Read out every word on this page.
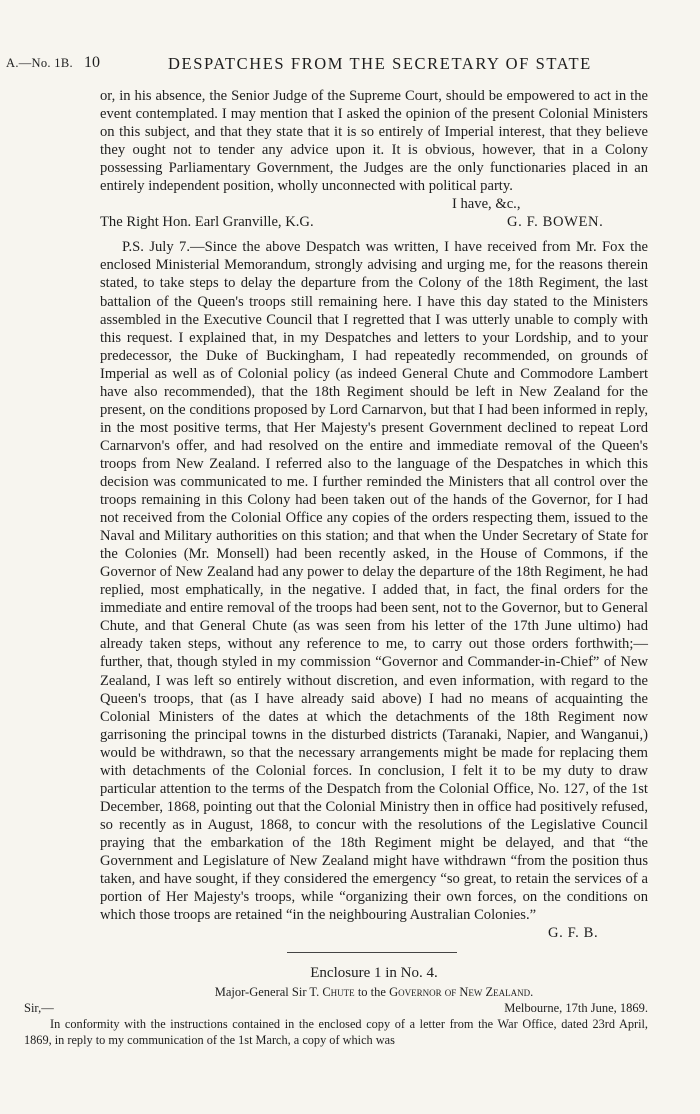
A.—No. 1B. 10	DESPATCHES FROM THE SECRETARY OF STATE

or, in his absence, the Senior Judge of the Supreme Court, should be empowered to act in the event contemplated. I may mention that I asked the opinion of the present Colonial Ministers on this subject, and that they state that it is so entirely of Imperial interest, that they believe they ought not to tender any advice upon it. It is obvious, however, that in a Colony possessing Parliamentary Government, the Judges are the only functionaries placed in an entirely independent position, wholly unconnected with political party.

I have, &c.,
The Right Hon. Earl Granville, K.G.	G. F. BOWEN.

P.S. July 7.—Since the above Despatch was written, I have received from Mr. Fox the enclosed Ministerial Memorandum, strongly advising and urging me, for the reasons therein stated, to take steps to delay the departure from the Colony of the 18th Regiment, the last battalion of the Queen's troops still remaining here. I have this day stated to the Ministers assembled in the Executive Council that I regretted that I was utterly unable to comply with this request. I explained that, in my Despatches and letters to your Lordship, and to your predecessor, the Duke of Buckingham, I had repeatedly recommended, on grounds of Imperial as well as of Colonial policy (as indeed General Chute and Commodore Lambert have also recommended), that the 18th Regiment should be left in New Zealand for the present, on the conditions proposed by Lord Carnarvon, but that I had been informed in reply, in the most positive terms, that Her Majesty's present Government declined to repeat Lord Carnarvon's offer, and had resolved on the entire and immediate removal of the Queen's troops from New Zealand. I referred also to the language of the Despatches in which this decision was communicated to me. I further reminded the Ministers that all control over the troops remaining in this Colony had been taken out of the hands of the Governor, for I had not received from the Colonial Office any copies of the orders respecting them, issued to the Naval and Military authorities on this station; and that when the Under Secretary of State for the Colonies (Mr. Monsell) had been recently asked, in the House of Commons, if the Governor of New Zealand had any power to delay the departure of the 18th Regiment, he had replied, most emphatically, in the negative. I added that, in fact, the final orders for the immediate and entire removal of the troops had been sent, not to the Governor, but to General Chute, and that General Chute (as was seen from his letter of the 17th June ultimo) had already taken steps, without any reference to me, to carry out those orders forthwith;—further, that, though styled in my commission “Governor and Commander-in-Chief” of New Zealand, I was left so entirely without discretion, and even information, with regard to the Queen's troops, that (as I have already said above) I had no means of acquainting the Colonial Ministers of the dates at which the detachments of the 18th Regiment now garrisoning the principal towns in the disturbed districts (Taranaki, Napier, and Wanganui,) would be withdrawn, so that the necessary arrangements might be made for replacing them with detachments of the Colonial forces. In conclusion, I felt it to be my duty to draw particular attention to the terms of the Despatch from the Colonial Office, No. 127, of the 1st December, 1868, pointing out that the Colonial Ministry then in office had positively refused, so recently as in August, 1868, to concur with the resolutions of the Legislative Council praying that the embarkation of the 18th Regiment might be delayed, and that “the Government and Legislature of New Zealand might have withdrawn “from the position thus taken, and have sought, if they considered the emergency “so great, to retain the services of a portion of Her Majesty's troops, while “organizing their own forces, on the conditions on which those troops are retained “in the neighbouring Australian Colonies.”

G. F. B.
Enclosure 1 in No. 4.
Major-General Sir T. Chute to the Governor of New Zealand.
Sir,—	Melbourne, 17th June, 1869.

In conformity with the instructions contained in the enclosed copy of a letter from the War Office, dated 23rd April, 1869, in reply to my communication of the 1st March, a copy of which was
